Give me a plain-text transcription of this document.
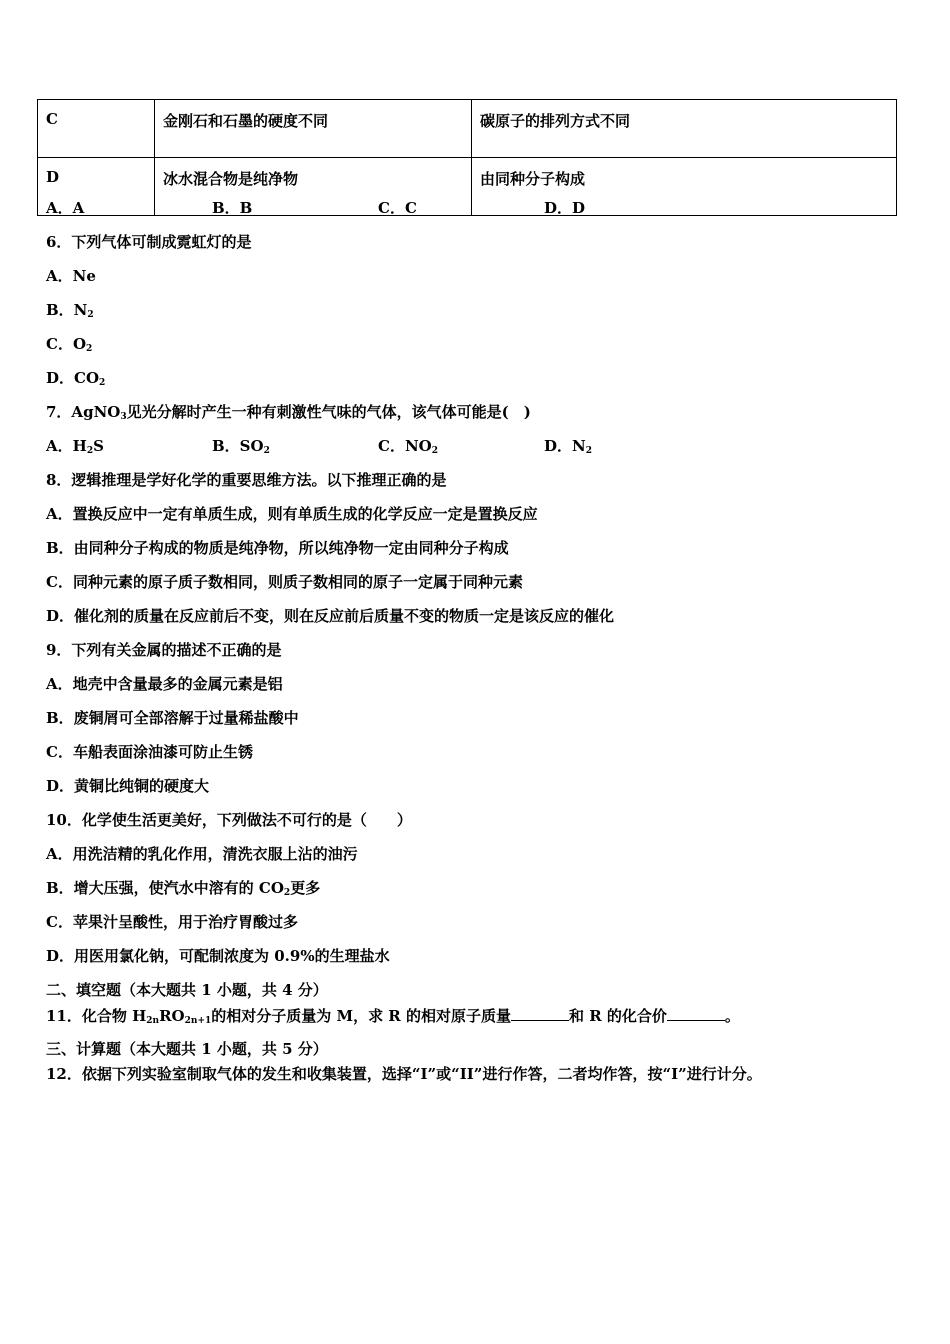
C	金刚石和石墨的硬度不同	碳原子的排列方式不同
D	冰水混合物是纯净物	由同种分子构成
A．A	B．B	C．C	D．D
6．下列气体可制成霓虹灯的是
A．Ne
B．$N_2$
C．$O_2$
D．$CO_2$
7．AgNO$_3$见光分解时产生一种有刺激性气味的气体，该气体可能是(　)
A．$H_2S$	B．$SO_2$	C．$NO_2$	D．$N_2$
8．逻辑推理是学好化学的重要思维方法。以下推理正确的是
A．置换反应中一定有单质生成，则有单质生成的化学反应一定是置换反应
B．由同种分子构成的物质是纯净物，所以纯净物一定由同种分子构成
C．同种元素的原子质子数相同，则质子数相同的原子一定属于同种元素
D．催化剂的质量在反应前后不变，则在反应前后质量不变的物质一定是该反应的催化
9．下列有关金属的描述不正确的是
A．地壳中含量最多的金属元素是铝
B．废铜屑可全部溶解于过量稀盐酸中
C．车船表面涂油漆可防止生锈
D．黄铜比纯铜的硬度大
10．化学使生活更美好，下列做法不可行的是（　　）
A．用洗洁精的乳化作用，清洗衣服上沾的油污
B．增大压强，使汽水中溶有的 $CO_2$更多
C．苹果汁呈酸性，用于治疗胃酸过多
D．用医用氯化钠，可配制浓度为 0.9%的生理盐水
二、填空题（本大题共 1 小题，共 4 分）
11．化合物 $H_{2n}RO_{2n+1}$的相对分子质量为 M，求 R 的相对原子质量	和 R 的化合价	。
三、计算题（本大题共 1 小题，共 5 分）
12．依据下列实验室制取气体的发生和收集装置，选择“I”或“II”进行作答，二者均作答，按“I”进行计分。
